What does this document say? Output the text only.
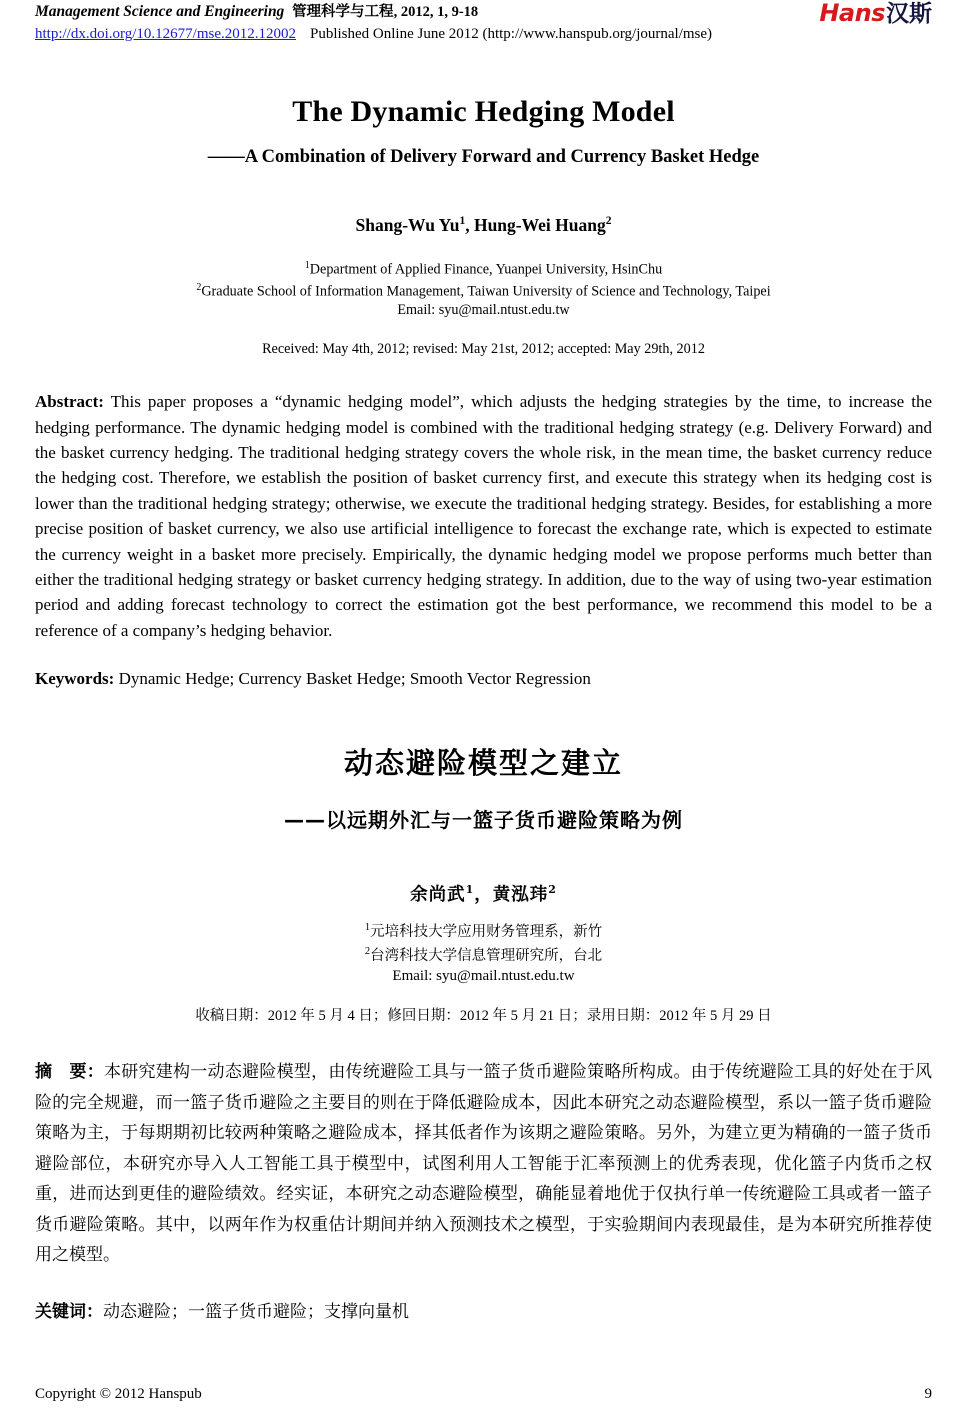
Management Science and Engineering 管理科学与工程, 2012, 1, 9-18
http://dx.doi.org/10.12677/mse.2012.12002 Published Online June 2012 (http://www.hanspub.org/journal/mse)
Hans汉斯
The Dynamic Hedging Model
——A Combination of Delivery Forward and Currency Basket Hedge
Shang-Wu Yu$^1$, Hung-Wei Huang$^2$
$^1$Department of Applied Finance, Yuanpei University, HsinChu
$^2$Graduate School of Information Management, Taiwan University of Science and Technology, Taipei
Email: syu@mail.ntust.edu.tw
Received: May 4th, 2012; revised: May 21st, 2012; accepted: May 29th, 2012
Abstract: This paper proposes a “dynamic hedging model”, which adjusts the hedging strategies by the time, to increase the hedging performance. The dynamic hedging model is combined with the traditional hedging strategy (e.g. Delivery Forward) and the basket currency hedging. The traditional hedging strategy covers the whole risk, in the mean time, the basket currency reduce the hedging cost. Therefore, we establish the position of basket currency first, and execute this strategy when its hedging cost is lower than the traditional hedging strategy; otherwise, we execute the traditional hedging strategy. Besides, for establishing a more precise position of basket currency, we also use artificial intelligence to forecast the exchange rate, which is expected to estimate the currency weight in a basket more precisely. Empirically, the dynamic hedging model we propose performs much better than either the traditional hedging strategy or basket currency hedging strategy. In addition, due to the way of using two-year estimation period and adding forecast technology to correct the estimation got the best performance, we recommend this model to be a reference of a company’s hedging behavior.
Keywords: Dynamic Hedge; Currency Basket Hedge; Smooth Vector Regression
动态避险模型之建立
——以远期外汇与一篮子货币避险策略为例
余尚武$^1$，黄泓玮$^2$
$^1$元培科技大学应用财务管理系，新竹
$^2$台湾科技大学信息管理研究所，台北
Email: syu@mail.ntust.edu.tw
收稿日期：2012 年 5 月 4 日；修回日期：2012 年 5 月 21 日；录用日期：2012 年 5 月 29 日
摘　要：本研究建构一动态避险模型，由传统避险工具与一篮子货币避险策略所构成。由于传统避险工具的好处在于风险的完全规避，而一篮子货币避险之主要目的则在于降低避险成本，因此本研究之动态避险模型，系以一篮子货币避险策略为主，于每期期初比较两种策略之避险成本，择其低者作为该期之避险策略。另外，为建立更为精确的一篮子货币避险部位，本研究亦导入人工智能工具于模型中，试图利用人工智能于汇率预测上的优秀表现，优化篮子内货币之权重，进而达到更佳的避险绩效。经实证，本研究之动态避险模型，确能显着地优于仅执行单一传统避险工具或者一篮子货币避险策略。其中，以两年作为权重估计期间并纳入预测技术之模型，于实验期间内表现最佳，是为本研究所推荐使用之模型。
关键词：动态避险；一篮子货币避险；支撑向量机
Copyright © 2012 Hanspub	9
